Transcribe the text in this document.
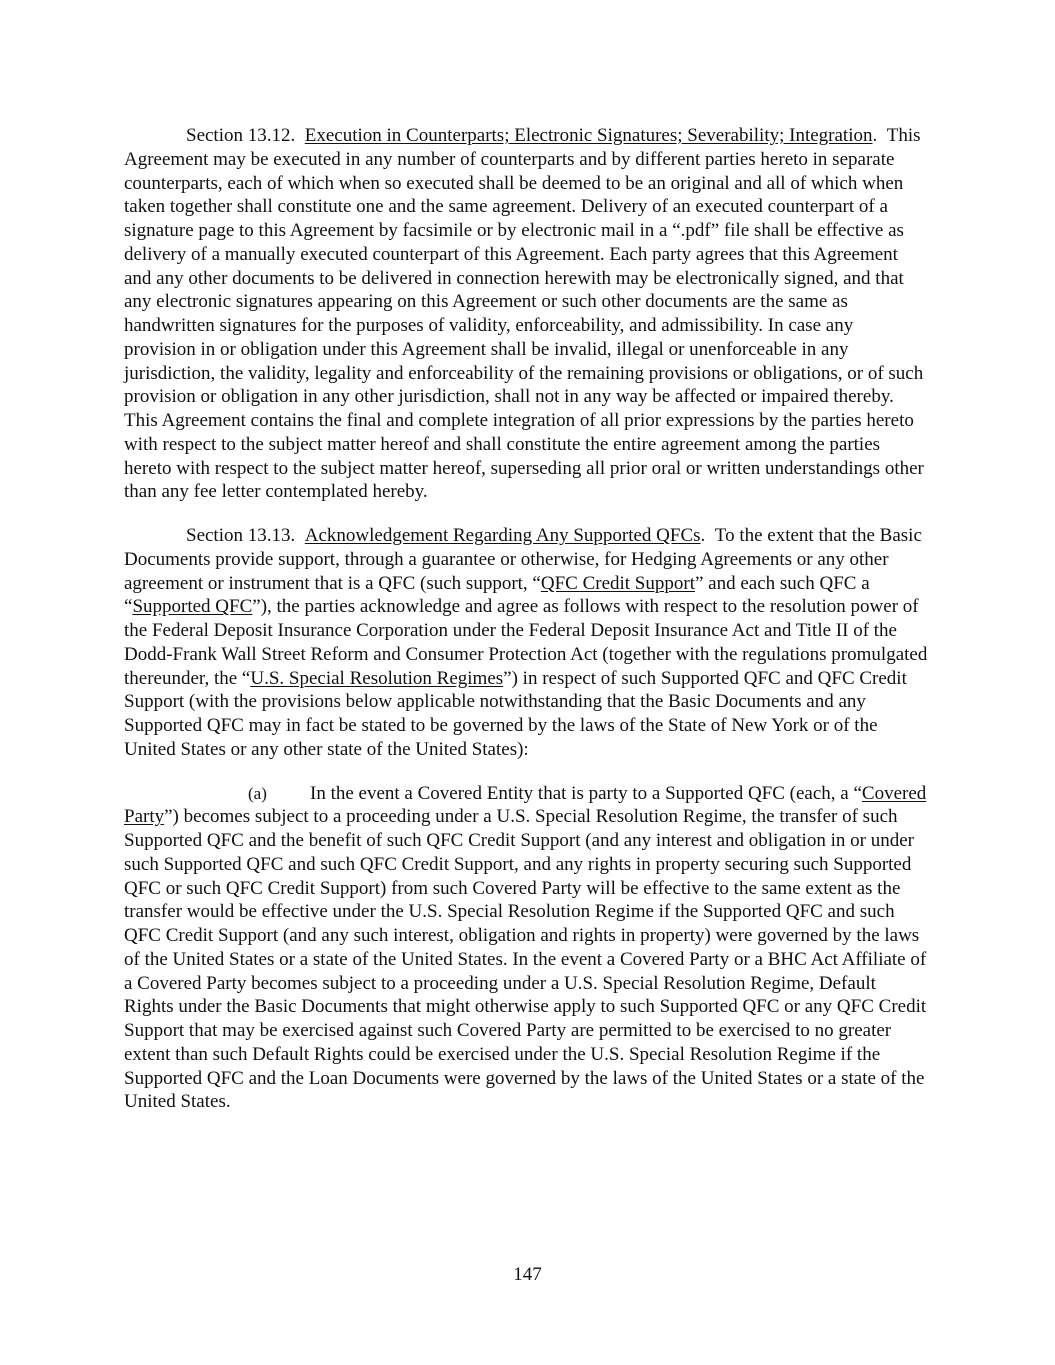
Section 13.12. Execution in Counterparts; Electronic Signatures; Severability; Integration.  This Agreement may be executed in any number of counterparts and by different parties hereto in separate counterparts, each of which when so executed shall be deemed to be an original and all of which when taken together shall constitute one and the same agreement. Delivery of an executed counterpart of a signature page to this Agreement by facsimile or by electronic mail in a “.pdf” file shall be effective as delivery of a manually executed counterpart of this Agreement. Each party agrees that this Agreement and any other documents to be delivered in connection herewith may be electronically signed, and that any electronic signatures appearing on this Agreement or such other documents are the same as handwritten signatures for the purposes of validity, enforceability, and admissibility. In case any provision in or obligation under this Agreement shall be invalid, illegal or unenforceable in any jurisdiction, the validity, legality and enforceability of the remaining provisions or obligations, or of such provision or obligation in any other jurisdiction, shall not in any way be affected or impaired thereby. This Agreement contains the final and complete integration of all prior expressions by the parties hereto with respect to the subject matter hereof and shall constitute the entire agreement among the parties hereto with respect to the subject matter hereof, superseding all prior oral or written understandings other than any fee letter contemplated hereby.

Section 13.13. Acknowledgement Regarding Any Supported QFCs.  To the extent that the Basic Documents provide support, through a guarantee or otherwise, for Hedging Agreements or any other agreement or instrument that is a QFC (such support, “QFC Credit Support” and each such QFC a “Supported QFC”), the parties acknowledge and agree as follows with respect to the resolution power of the Federal Deposit Insurance Corporation under the Federal Deposit Insurance Act and Title II of the Dodd-Frank Wall Street Reform and Consumer Protection Act (together with the regulations promulgated thereunder, the “U.S. Special Resolution Regimes”) in respect of such Supported QFC and QFC Credit Support (with the provisions below applicable notwithstanding that the Basic Documents and any Supported QFC may in fact be stated to be governed by the laws of the State of New York or of the United States or any other state of the United States):

(a) In the event a Covered Entity that is party to a Supported QFC (each, a “Covered Party”) becomes subject to a proceeding under a U.S. Special Resolution Regime, the transfer of such Supported QFC and the benefit of such QFC Credit Support (and any interest and obligation in or under such Supported QFC and such QFC Credit Support, and any rights in property securing such Supported QFC or such QFC Credit Support) from such Covered Party will be effective to the same extent as the transfer would be effective under the U.S. Special Resolution Regime if the Supported QFC and such QFC Credit Support (and any such interest, obligation and rights in property) were governed by the laws of the United States or a state of the United States. In the event a Covered Party or a BHC Act Affiliate of a Covered Party becomes subject to a proceeding under a U.S. Special Resolution Regime, Default Rights under the Basic Documents that might otherwise apply to such Supported QFC or any QFC Credit Support that may be exercised against such Covered Party are permitted to be exercised to no greater extent than such Default Rights could be exercised under the U.S. Special Resolution Regime if the Supported QFC and the Loan Documents were governed by the laws of the United States or a state of the United States.

147
